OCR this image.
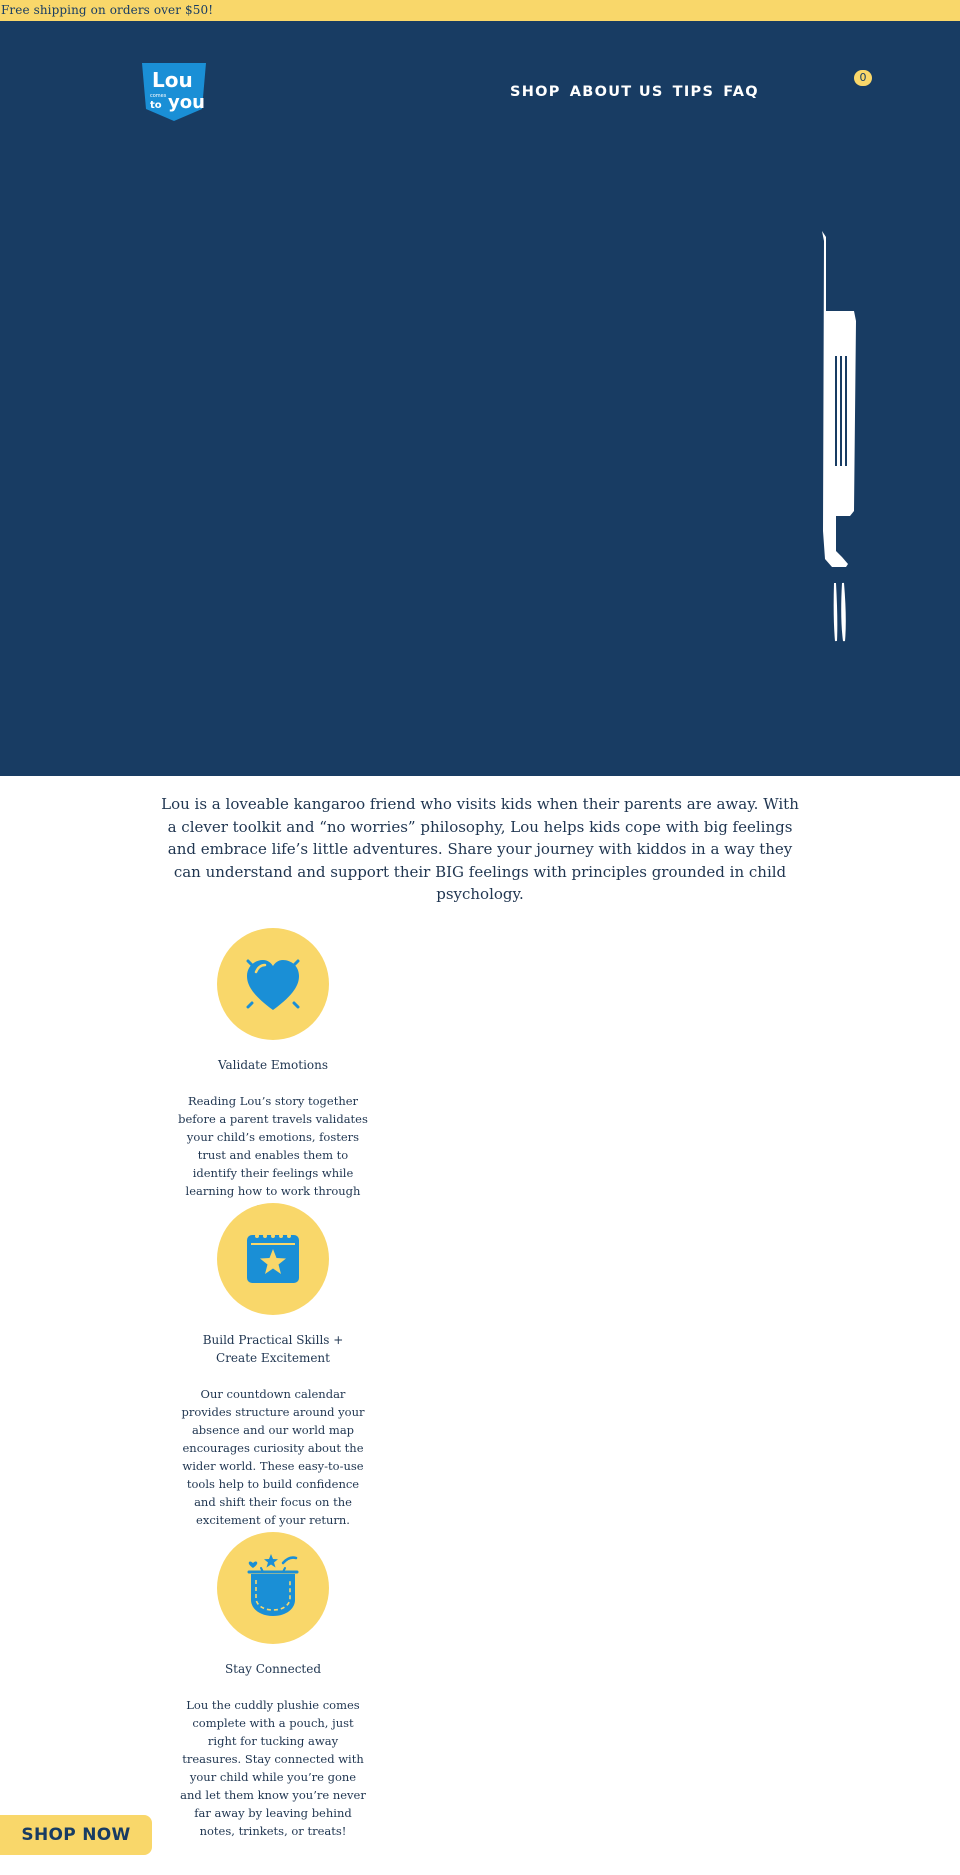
Free shipping on orders over $50!
Lou
comes
to you	SHOP ABOUT US TIPS FAQ
0

Lou is a loveable kangaroo friend who visits kids when their parents are away. With a clever toolkit and “no worries” philosophy, Lou helps kids cope with big feelings and embrace life’s little adventures. Share your journey with kiddos in a way they can understand and support their BIG feelings with principles grounded in child psychology.

Validate Emotions
Reading Lou’s story together before a parent travels validates your child’s emotions, fosters trust and enables them to identify their feelings while learning how to work through
Build Practical Skills + Create Excitement
Our countdown calendar provides structure around your absence and our world map encourages curiosity about the wider world. These easy-to-use tools help to build confidence and shift their focus on the excitement of your return.
Stay Connected
Lou the cuddly plushie comes complete with a pouch, just right for tucking away treasures. Stay connected with your child while you’re gone and let them know you’re never far away by leaving behind notes, trinkets, or treats!
SHOP NOW
